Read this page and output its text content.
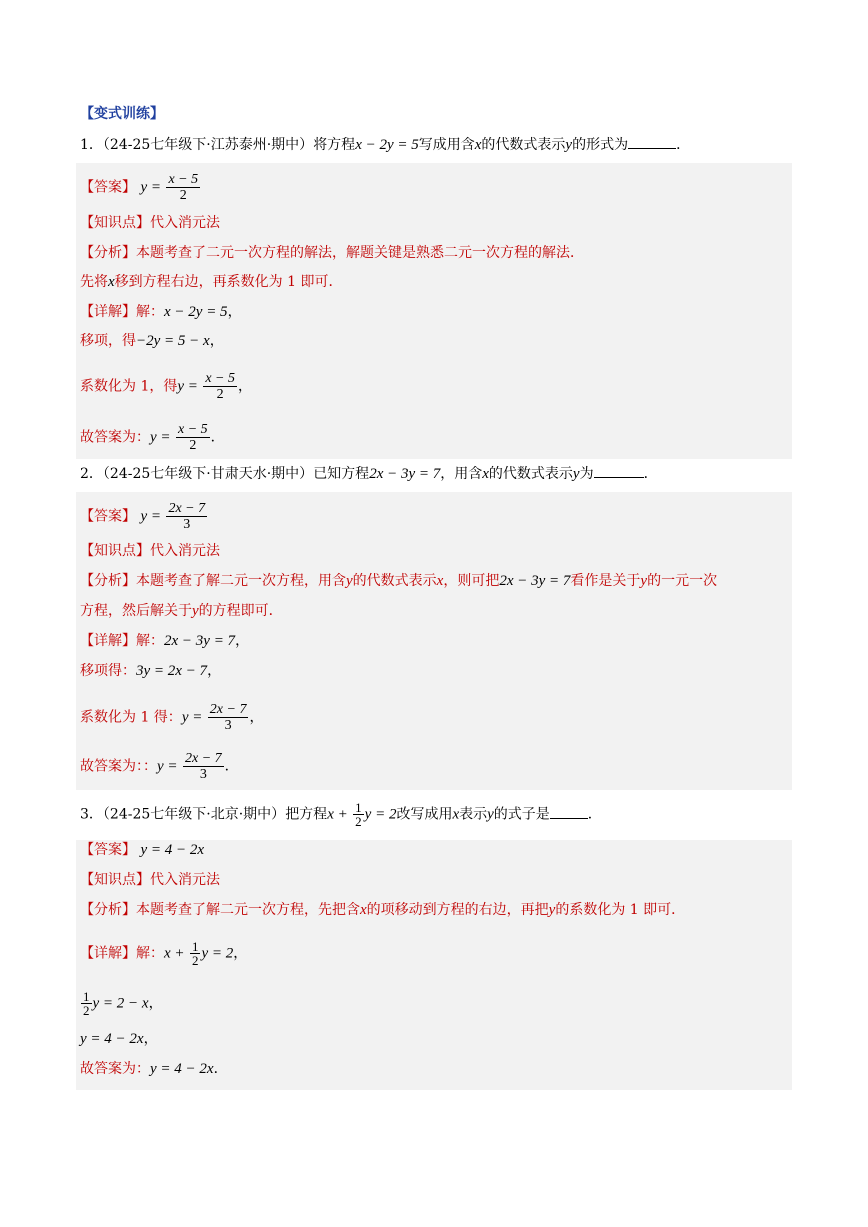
【变式训练】
1．（24-25七年级下·江苏泰州·期中）将方程x − 2y = 5写成用含x的代数式表示y的形式为	．
【答案】 $y = \frac{x - 5}{2}$
【知识点】代入消元法
【分析】本题考查了二元一次方程的解法，解题关键是熟悉二元一次方程的解法．
先将x移到方程右边，再系数化为 1 即可．
【详解】解：x − 2y = 5，
移项，得−2y = 5 − x，
系数化为 1，得$y = \frac{x - 5}{2}$ ，
故答案为：$y = \frac{x - 5}{2}$ ．
2．（24-25七年级下·甘肃天水·期中）已知方程2x − 3y = 7，用含x的代数式表示y为	．
【答案】 $y = \frac{2x - 7}{3}$
【知识点】代入消元法
【分析】本题考查了解二元一次方程，用含y的代数式表示x，则可把2x − 3y = 7看作是关于y的一元一次
方程，然后解关于y的方程即可．
【详解】解：2x − 3y = 7，
移项得：3y = 2x − 7，
系数化为 1 得：$y = \frac{2x - 7}{3}$ ，
故答案为：：$y = \frac{2x - 7}{3}$ ．
3．（24-25七年级下·北京·期中）把方程$x + \frac{1}{2}$ y = 2改写成用x表示y的式子是	．
【答案】 y = 4 − 2x
【知识点】代入消元法
【分析】本题考查了解二元一次方程，先把含x的项移动到方程的右边，再把y的系数化为 1 即可．
【详解】解：$x + \frac{1}{2}$ y = 2，
$\frac{1}{2}$ y = 2 − x，
y = 4 − 2x，
故答案为：y = 4 − 2x．
